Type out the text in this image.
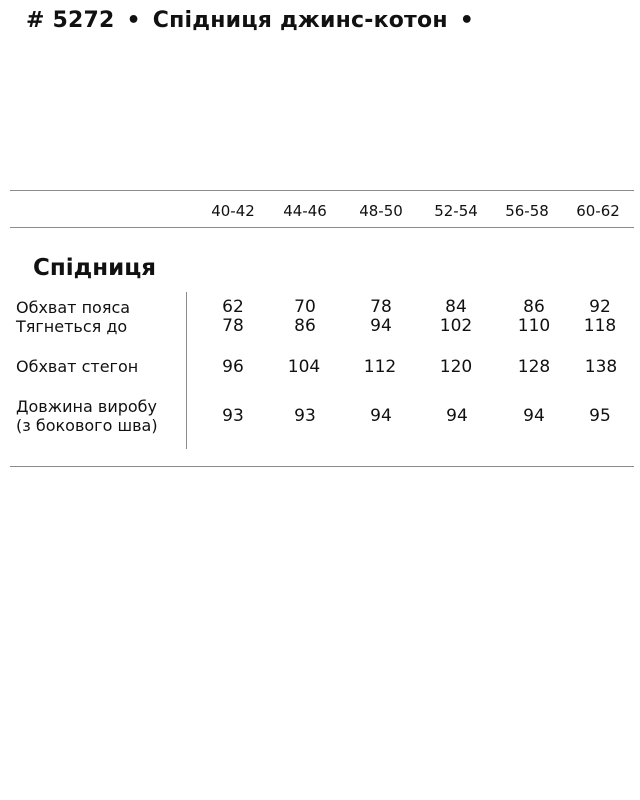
# 5272 • Спідниця джинс-котон •
40-42 44-46 48-50 52-54 56-58 60-62
Спідниця
Обхват пояса	62	70	78	84	86	92
Тягнеться до	78	86	94	102	110 118
Обхват стегон	96	104	112	120	128 138
Довжина виробу
(з бокового шва)	93	93	94	94	94	95
